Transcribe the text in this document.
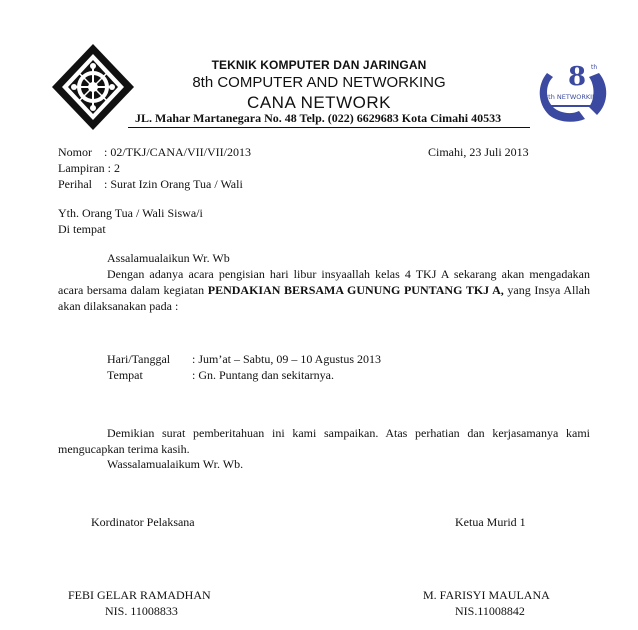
8 th
8th NETWORKING
TEKNIK KOMPUTER DAN JARINGAN
8th COMPUTER AND NETWORKING
CANA NETWORK
JL. Mahar Martanegara No. 48 Telp. (022) 6629683 Kota Cimahi 40533
Nomor : 02/TKJ/CANA/VII/VII/2013	Cimahi, 23 Juli 2013
Lampiran : 2
Perihal : Surat Izin Orang Tua / Wali
Yth. Orang Tua / Wali Siswa/i
Di tempat
Assalamualaikun Wr. Wb
Dengan adanya acara pengisian hari libur insyaallah kelas 4 TKJ A sekarang akan mengadakan acara bersama dalam kegiatan PENDAKIAN BERSAMA GUNUNG PUNTANG TKJ A, yang Insya Allah akan dilaksanakan pada :
Hari/Tanggal : Jum’at – Sabtu, 09 – 10 Agustus 2013
Tempat	: Gn. Puntang dan sekitarnya.
Demikian surat pemberitahuan ini kami sampaikan. Atas perhatian dan kerjasamanya kami mengucapkan terima kasih.
Wassalamualaikum Wr. Wb.
Kordinator Pelaksana	Ketua Murid 1
FEBI GELAR RAMADHAN
NIS. 11008833
M. FARISYI MAULANA
NIS.11008842
